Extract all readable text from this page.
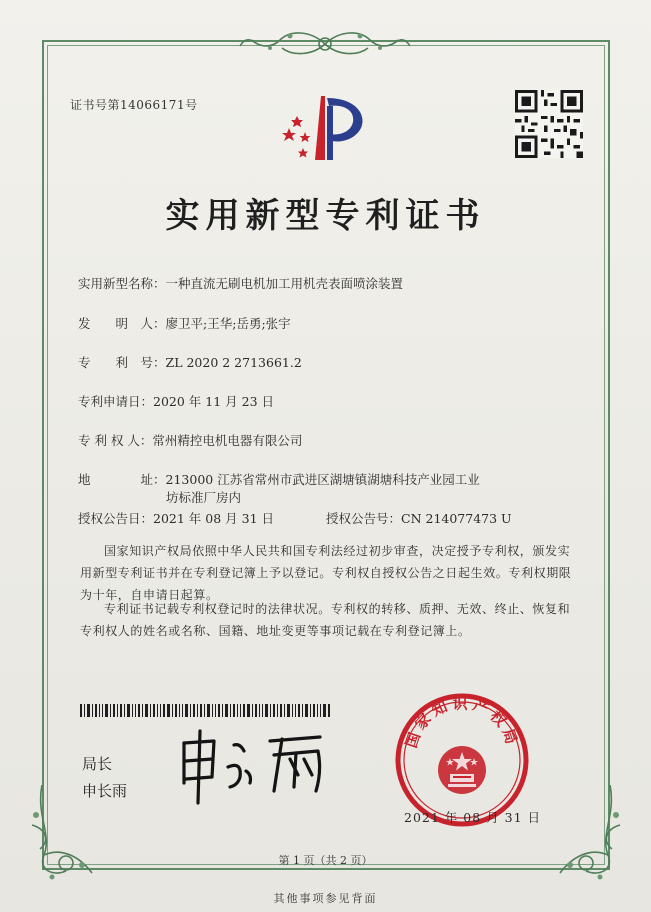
证书号第14066171号
实用新型专利证书
实用新型名称：一种直流无刷电机加工用机壳表面喷涂装置
发　　明　人：廖卫平;王华;岳勇;张宇
专　　利　号：ZL 2020 2 2713661.2
专利申请日：2020 年 11 月 23 日
专 利 权 人：常州精控电机电器有限公司
地　　　　址：213000 江苏省常州市武进区湖塘镇湖塘科技产业园工业
坊标准厂房内
授权公告日：2021 年 08 月 31 日	授权公告号：CN 214077473 U
国家知识产权局依照中华人民共和国专利法经过初步审查，决定授予专利权，颁发实用新型专利证书并在专利登记簿上予以登记。专利权自授权公告之日起生效。专利权期限为十年，自申请日起算。
专利证书记载专利权登记时的法律状况。专利权的转移、质押、无效、终止、恢复和专利权人的姓名或名称、国籍、地址变更等事项记载在专利登记簿上。
局长
申长雨
国家知识产权局
2021 年 08 月 31 日
第 1 页（共 2 页）
其他事项参见背面
